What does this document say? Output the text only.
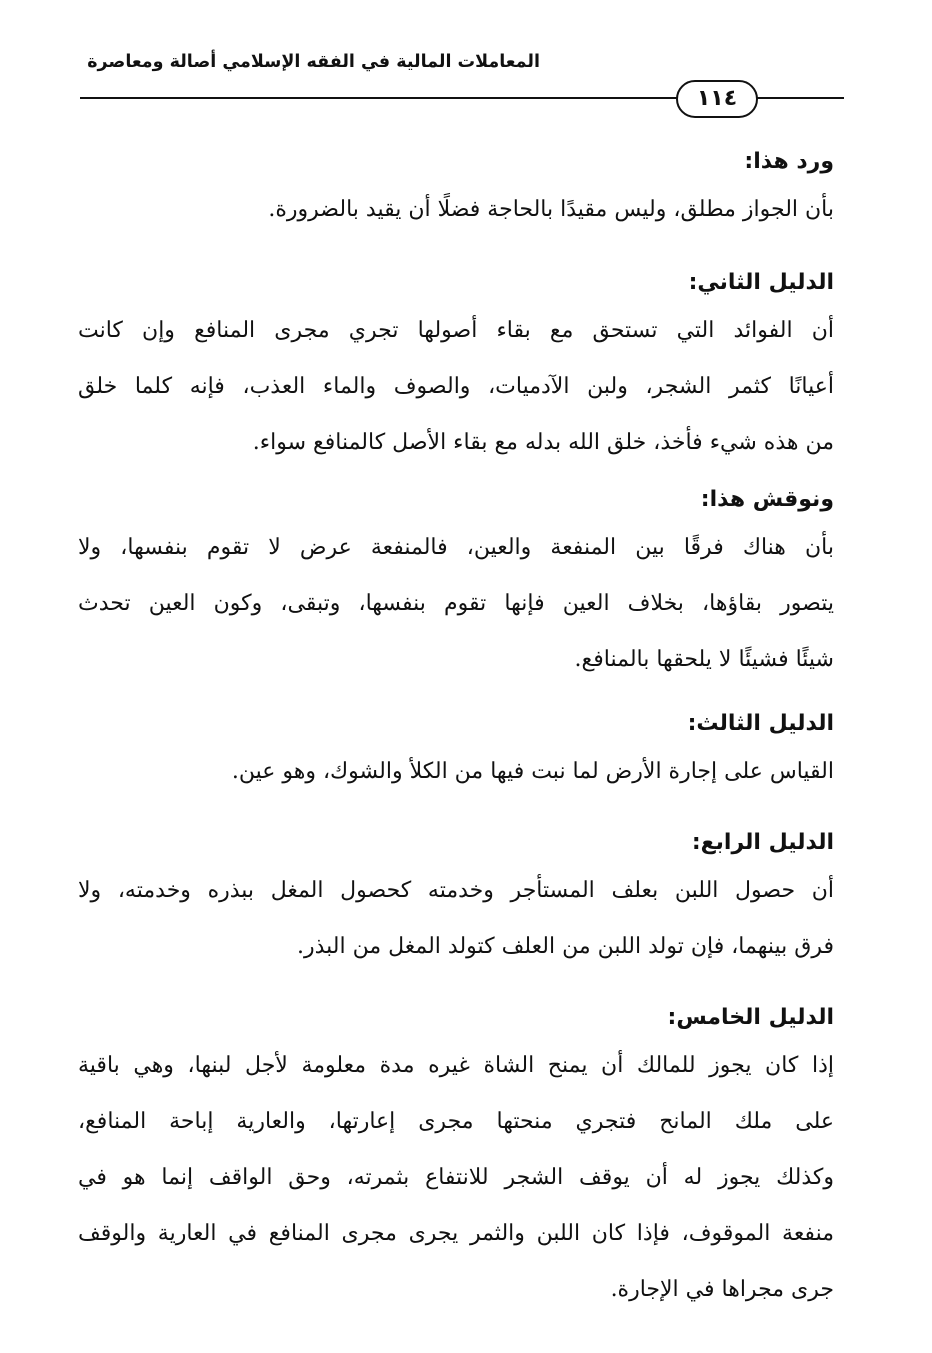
المعاملات المالية في الفقه الإسلامي أصالة ومعاصرة
١١٤
ورد هذا:
بأن الجواز مطلق، وليس مقيدًا بالحاجة فضلًا أن يقيد بالضرورة.
الدليل الثاني:
أن الفوائد التي تستحق مع بقاء أصولها تجري مجرى المنافع وإن كانت
أعيانًا كثمر الشجر، ولبن الآدميات، والصوف والماء العذب، فإنه كلما خلق
من هذه شيء فأخذ، خلق الله بدله مع بقاء الأصل كالمنافع سواء.
ونوقش هذا:
بأن هناك فرقًا بين المنفعة والعين، فالمنفعة عرض لا تقوم بنفسها، ولا
يتصور بقاؤها، بخلاف العين فإنها تقوم بنفسها، وتبقى، وكون العين تحدث
شيئًا فشيئًا لا يلحقها بالمنافع.
الدليل الثالث:
القياس على إجارة الأرض لما نبت فيها من الكلأ والشوك، وهو عين.
الدليل الرابع:
أن حصول اللبن بعلف المستأجر وخدمته كحصول المغل ببذره وخدمته، ولا
فرق بينهما، فإن تولد اللبن من العلف كتولد المغل من البذر.
الدليل الخامس:
إذا كان يجوز للمالك أن يمنح الشاة غيره مدة معلومة لأجل لبنها، وهي باقية
على ملك المانح فتجري منحتها مجرى إعارتها، والعارية إباحة المنافع،
وكذلك يجوز له أن يوقف الشجر للانتفاع بثمرته، وحق الواقف إنما هو في
منفعة الموقوف، فإذا كان اللبن والثمر يجرى مجرى المنافع في العارية والوقف
جرى مجراها في الإجارة.
